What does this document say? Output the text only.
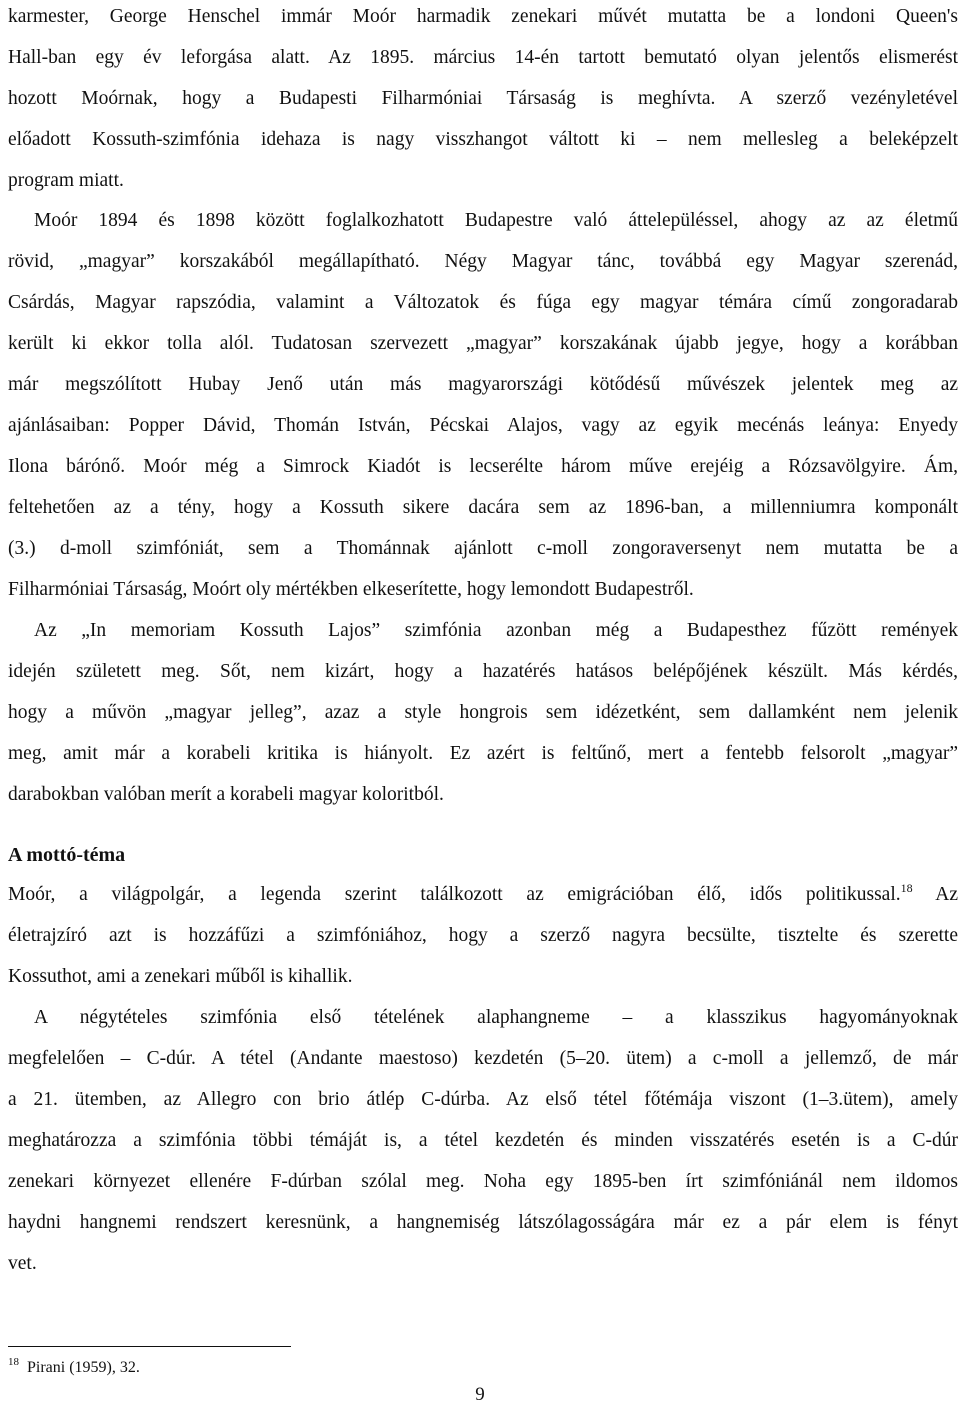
karmester, George Henschel immár Moór harmadik zenekari művét mutatta be a londoni Queen's
Hall-ban egy év leforgása alatt. Az 1895. március 14-én tartott bemutató olyan jelentős elismerést
hozott Moórnak, hogy a Budapesti Filharmóniai Társaság is meghívta. A szerző vezényletével
előadott Kossuth-szimfónia idehaza is nagy visszhangot váltott ki – nem mellesleg a beleképzelt
program miatt.
Moór 1894 és 1898 között foglalkozhatott Budapestre való áttelepüléssel, ahogy az az életmű
rövid, „magyar” korszakából megállapítható. Négy Magyar tánc, továbbá egy Magyar szerenád,
Csárdás, Magyar rapszódia, valamint a Változatok és fúga egy magyar témára című zongoradarab
került ki ekkor tolla alól. Tudatosan szervezett „magyar” korszakának újabb jegye, hogy a korábban
már megszólított Hubay Jenő után más magyarországi kötődésű művészek jelentek meg az
ajánlásaiban: Popper Dávid, Thomán István, Pécskai Alajos, vagy az egyik mecénás leánya: Enyedy
Ilona bárónő. Moór még a Simrock Kiadót is lecserélte három műve erejéig a Rózsavölgyire. Ám,
feltehetően az a tény, hogy a Kossuth sikere dacára sem az 1896-ban, a millenniumra komponált
(3.) d-moll szimfóniát, sem a Thománnak ajánlott c-moll zongoraversenyt nem mutatta be a
Filharmóniai Társaság, Moórt oly mértékben elkeserítette, hogy lemondott Budapestről.
Az „In memoriam Kossuth Lajos” szimfónia azonban még a Budapesthez fűzött remények
idején született meg. Sőt, nem kizárt, hogy a hazatérés hatásos belépőjének készült. Más kérdés,
hogy a művön „magyar jelleg”, azaz a style hongrois sem idézetként, sem dallamként nem jelenik
meg, amit már a korabeli kritika is hiányolt. Ez azért is feltűnő, mert a fentebb felsorolt „magyar”
darabokban valóban merít a korabeli magyar koloritból.
A mottó-téma
Moór, a világpolgár, a legenda szerint találkozott az emigrációban élő, idős politikussal.$^{18}$ Az
életrajzíró azt is hozzáfűzi a szimfóniához, hogy a szerző nagyra becsülte, tisztelte és szerette
Kossuthot, ami a zenekari műből is kihallik.
A négytételes szimfónia első tételének alaphangneme – a klasszikus hagyományoknak
megfelelően – C-dúr. A tétel (Andante maestoso) kezdetén (5–20. ütem) a c-moll a jellemző, de már
a 21. ütemben, az Allegro con brio átlép C-dúrba. Az első tétel főtémája viszont (1–3.ütem), amely
meghatározza a szimfónia többi témáját is, a tétel kezdetén és minden visszatérés esetén is a C-dúr
zenekari környezet ellenére F-dúrban szólal meg. Noha egy 1895-ben írt szimfóniánál nem ildomos
haydni hangnemi rendszert keresnünk, a hangnemiség látszólagosságára már ez a pár elem is fényt
vet.
$^{18}$ Pirani (1959), 32.
9
